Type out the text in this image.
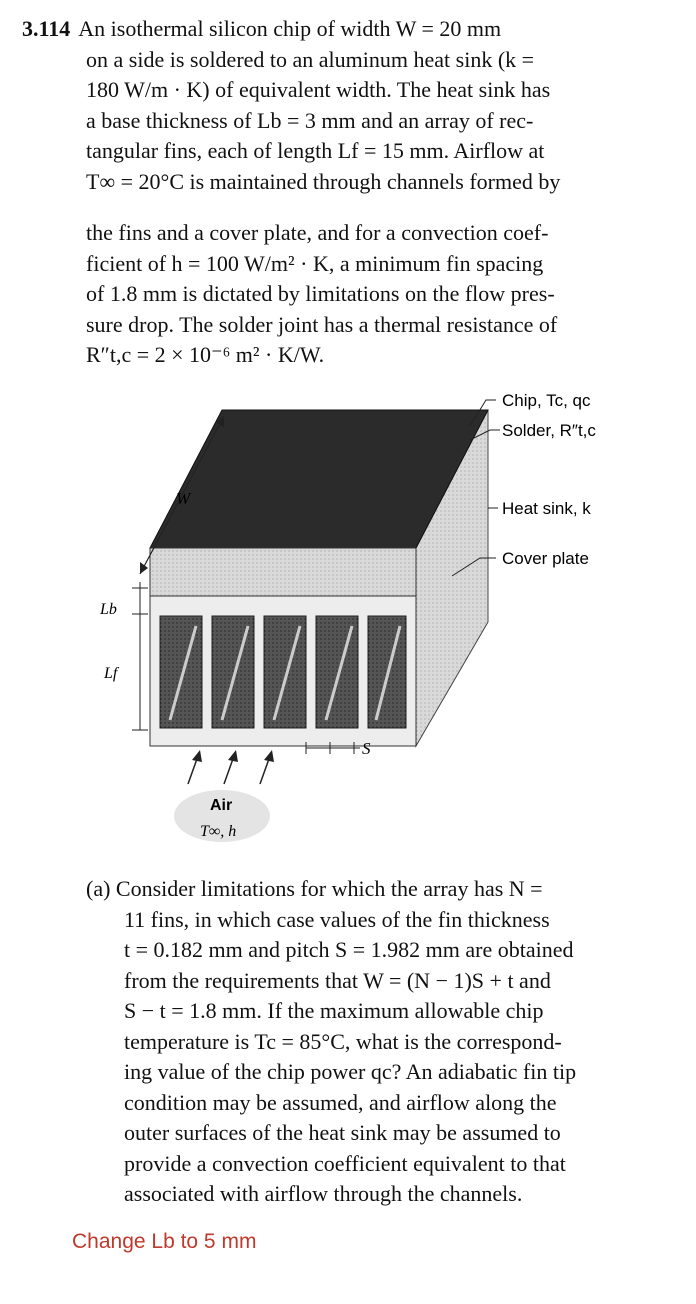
3.114 An isothermal silicon chip of width W = 20 mm
on a side is soldered to an aluminum heat sink (k =
180 W/m · K) of equivalent width. The heat sink has
a base thickness of Lb = 3 mm and an array of rec-
tangular fins, each of length Lf = 15 mm. Airflow at
T∞ = 20°C is maintained through channels formed by
the fins and a cover plate, and for a convection coef-
ficient of h = 100 W/m² · K, a minimum fin spacing
of 1.8 mm is dictated by limitations on the flow pres-
sure drop. The solder joint has a thermal resistance of
R″t,c = 2 × 10⁻⁶ m² · K/W.
W
Lb
Lf
Chip, Tc, qc
Solder, R″t,c
Heat sink, k
Cover plate
S
Air
T∞, h
(a) Consider limitations for which the array has N =
11 fins, in which case values of the fin thickness
t = 0.182 mm and pitch S = 1.982 mm are obtained
from the requirements that W = (N − 1)S + t and
S − t = 1.8 mm. If the maximum allowable chip
temperature is Tc = 85°C, what is the correspond-
ing value of the chip power qc? An adiabatic fin tip
condition may be assumed, and airflow along the
outer surfaces of the heat sink may be assumed to
provide a convection coefficient equivalent to that
associated with airflow through the channels.
Change Lb to 5 mm
